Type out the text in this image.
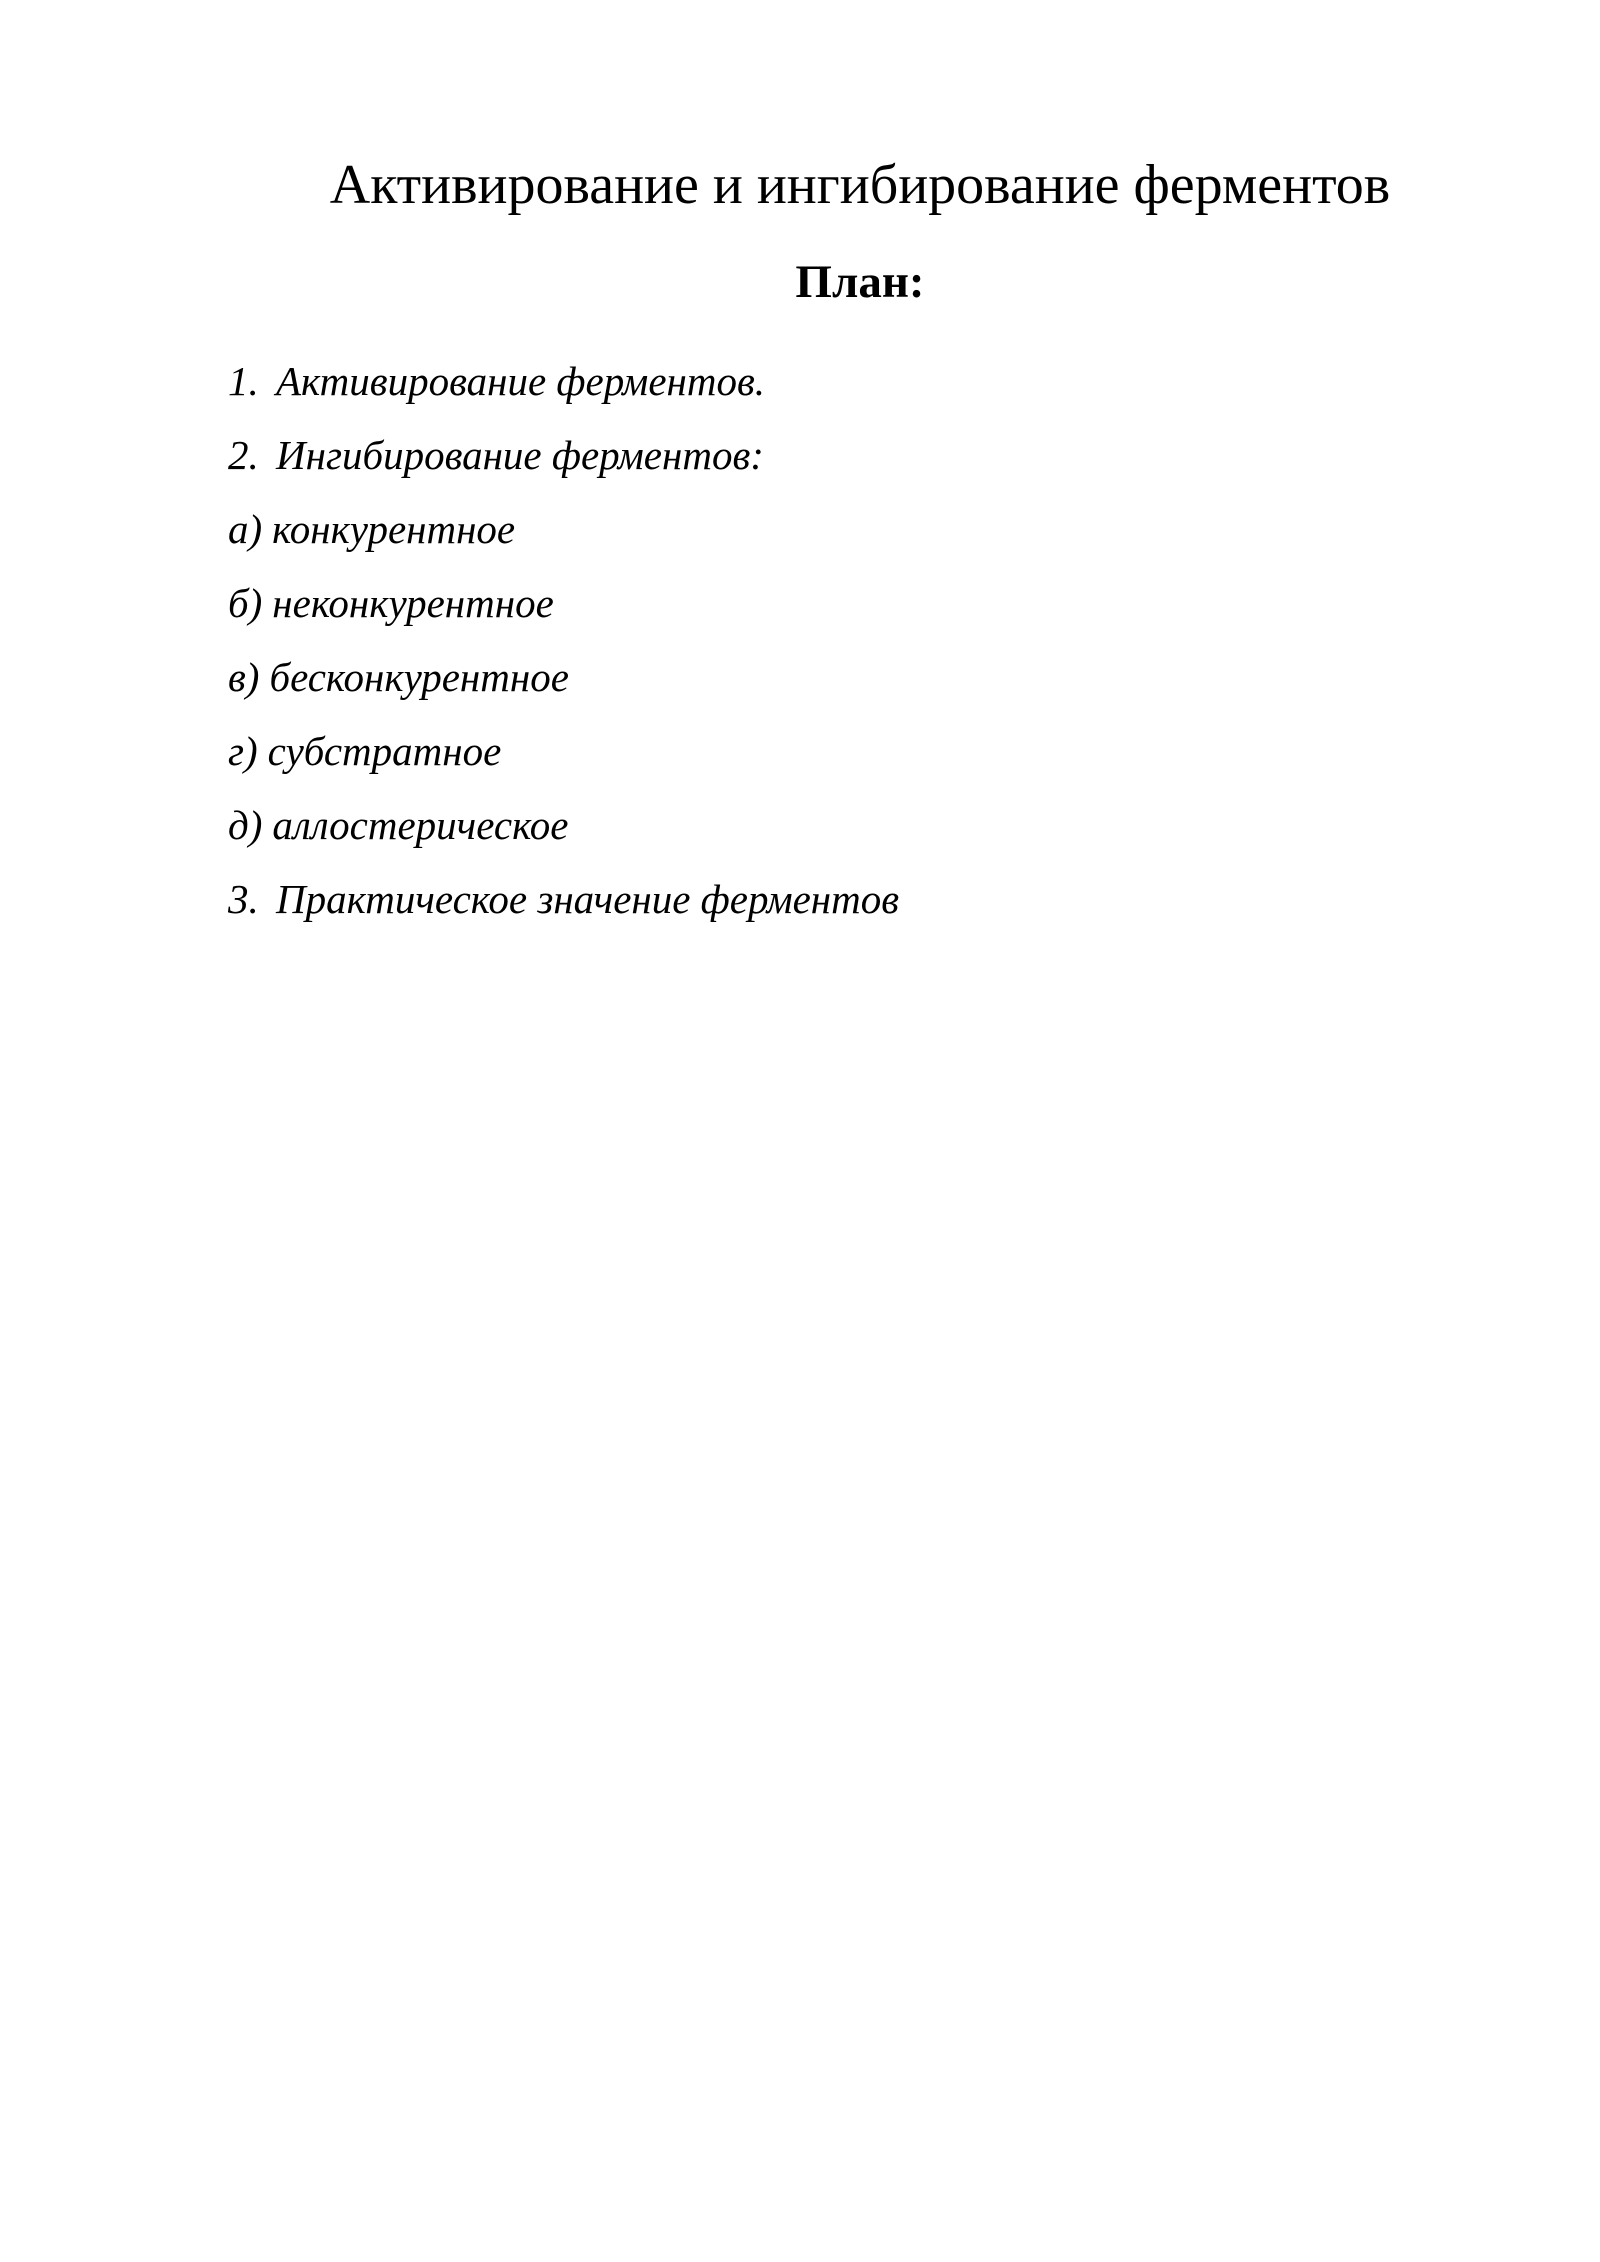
Активирование и ингибирование ферментов
План:
1. Активирование ферментов.
2. Ингибирование ферментов:
а) конкурентное
б) неконкурентное
в) бесконкурентное
г) субстратное
д) аллостерическое
3. Практическое значение ферментов
